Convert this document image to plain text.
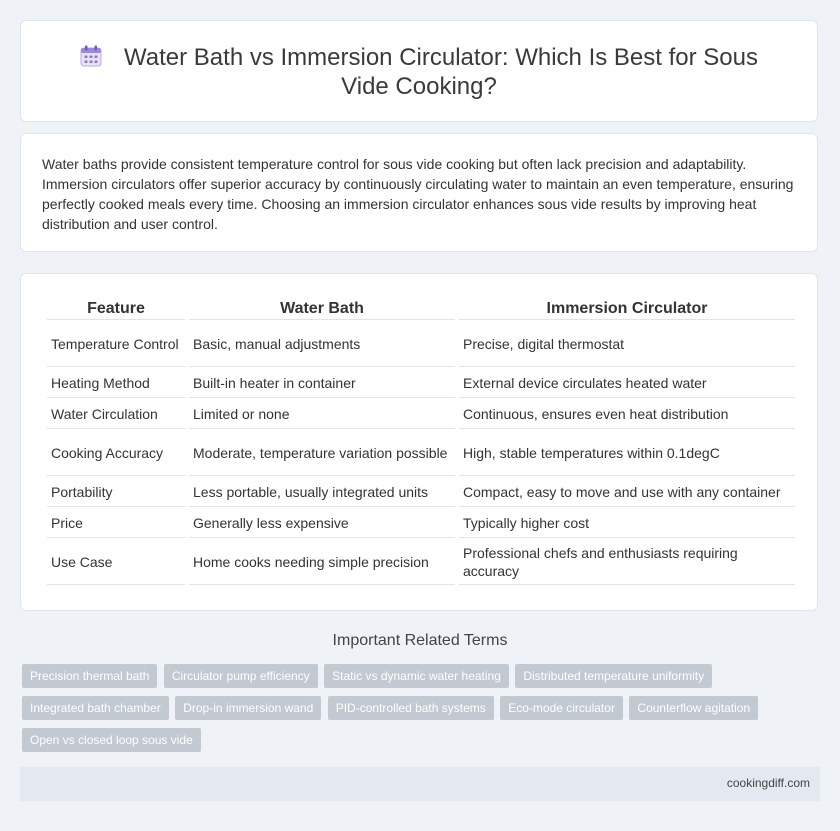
Water Bath vs Immersion Circulator: Which Is Best for Sous Vide Cooking?
Water baths provide consistent temperature control for sous vide cooking but often lack precision and adaptability. Immersion circulators offer superior accuracy by continuously circulating water to maintain an even temperature, ensuring perfectly cooked meals every time. Choosing an immersion circulator enhances sous vide results by improving heat distribution and user control.
Feature	Water Bath	Immersion Circulator
Temperature Control	Basic, manual adjustments	Precise, digital thermostat
Heating Method	Built-in heater in container	External device circulates heated water
Water Circulation	Limited or none	Continuous, ensures even heat distribution
Cooking Accuracy	Moderate, temperature variation possible	High, stable temperatures within 0.1degC
Portability	Less portable, usually integrated units	Compact, easy to move and use with any container
Price	Generally less expensive	Typically higher cost
Use Case	Home cooks needing simple precision	Professional chefs and enthusiasts requiring accuracy
Important Related Terms
Precision thermal bath Circulator pump efficiency Static vs dynamic water heating Distributed temperature uniformity Integrated bath chamber Drop-in immersion wand PID-controlled bath systems Eco-mode circulator Counterflow agitation Open vs closed loop sous vide
cookingdiff.com
